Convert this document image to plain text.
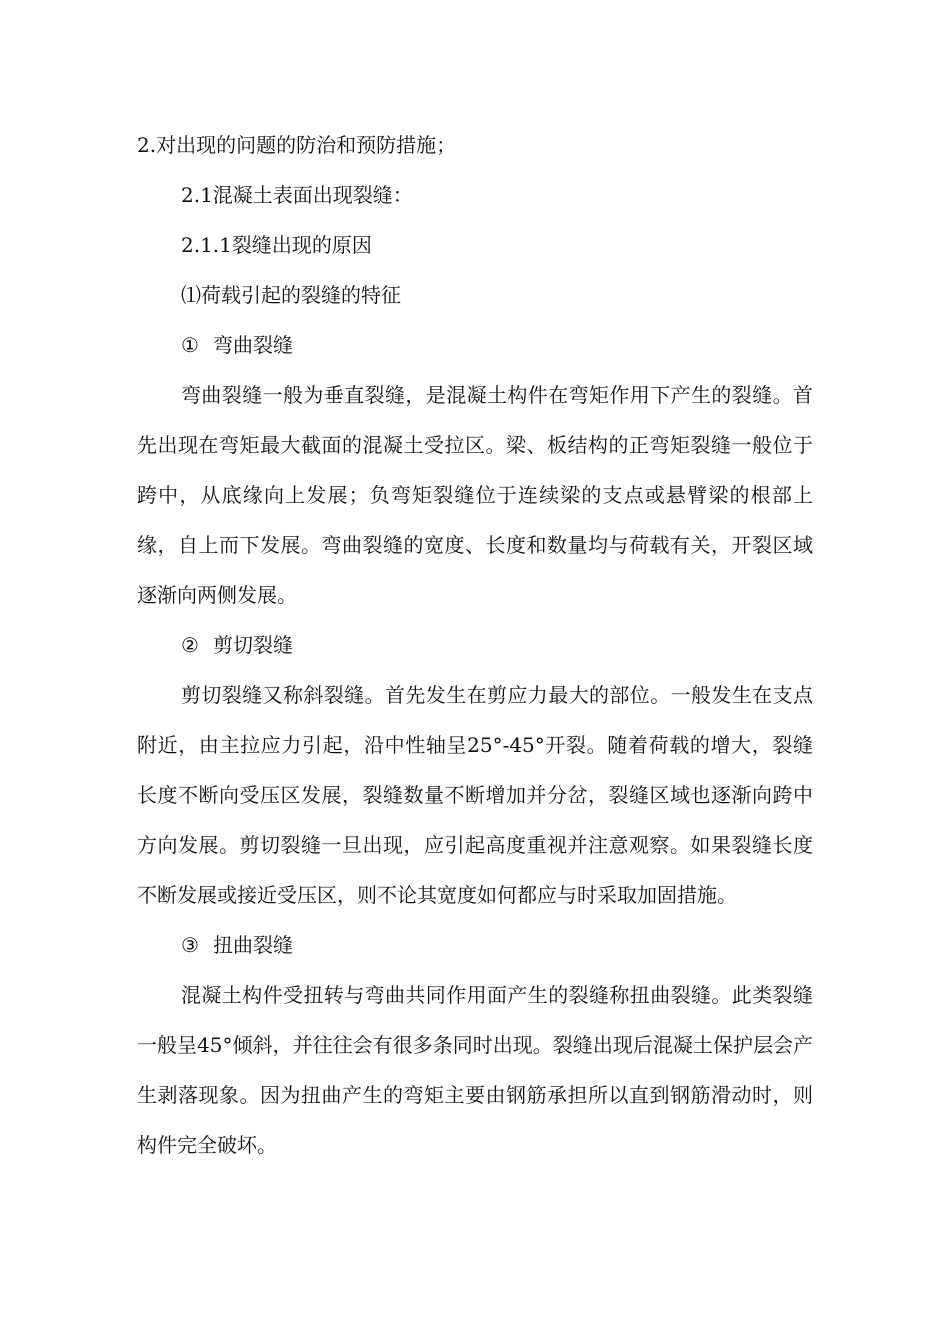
2.对出现的问题的防治和预防措施；
2.1混凝土表面出现裂缝：
2.1.1裂缝出现的原因
⑴荷载引起的裂缝的特征
① 弯曲裂缝

弯曲裂缝一般为垂直裂缝，是混凝土构件在弯矩作用下产生的裂缝。首先出现在弯矩最大截面的混凝土受拉区。梁、板结构的正弯矩裂缝一般位于跨中，从底缘向上发展；负弯矩裂缝位于连续梁的支点或悬臂梁的根部上缘，自上而下发展。弯曲裂缝的宽度、长度和数量均与荷载有关，开裂区域逐渐向两侧发展。

② 剪切裂缝

剪切裂缝又称斜裂缝。首先发生在剪应力最大的部位。一般发生在支点附近，由主拉应力引起，沿中性轴呈25°-45°开裂。随着荷载的增大，裂缝长度不断向受压区发展，裂缝数量不断增加并分岔，裂缝区域也逐渐向跨中方向发展。剪切裂缝一旦出现，应引起高度重视并注意观察。如果裂缝长度不断发展或接近受压区，则不论其宽度如何都应与时采取加固措施。

③ 扭曲裂缝

混凝土构件受扭转与弯曲共同作用面产生的裂缝称扭曲裂缝。此类裂缝一般呈45°倾斜，并往往会有很多条同时出现。裂缝出现后混凝土保护层会产生剥落现象。因为扭曲产生的弯矩主要由钢筋承担所以直到钢筋滑动时，则构件完全破坏。
